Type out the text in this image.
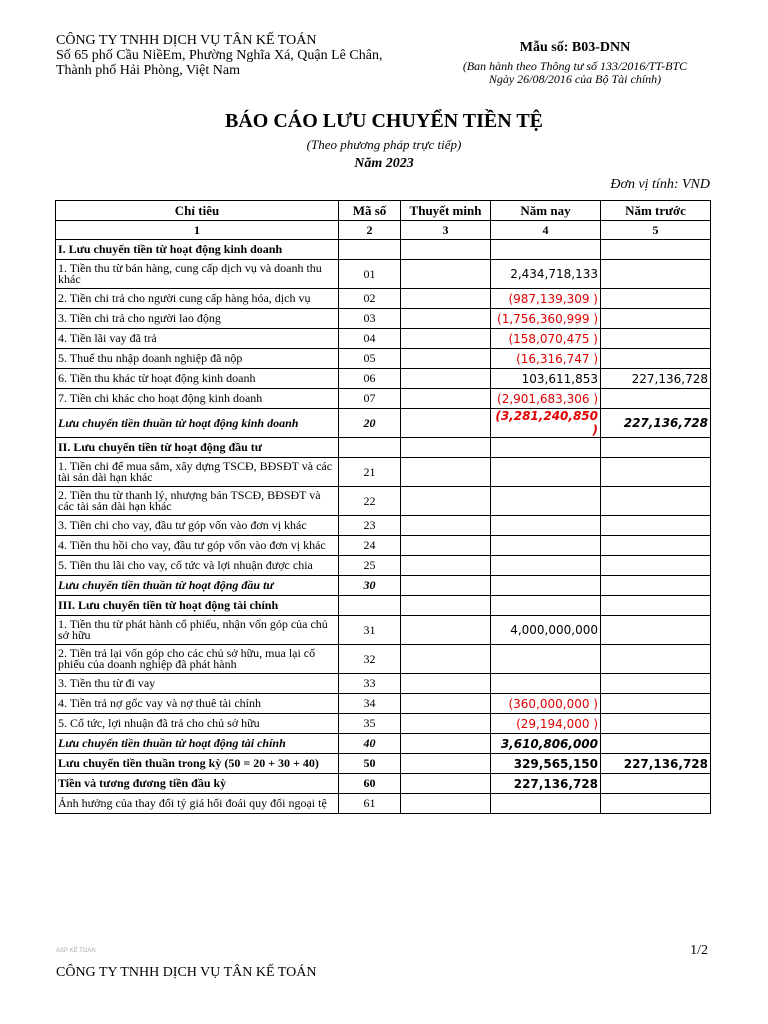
CÔNG TY TNHH DỊCH VỤ TÂN KẾ TOÁN
Số 65 phố Cầu NiềEm, Phường Nghĩa Xá, Quận Lê Chân,
Thành phố Hải Phòng, Việt Nam
Mẫu số: B03-DNN
(Ban hành theo Thông tư số 133/2016/TT-BTC
Ngày 26/08/2016 của Bộ Tài chính)
BÁO CÁO LƯU CHUYỂN TIỀN TỆ
(Theo phương pháp trực tiếp)
Năm 2023
Đơn vị tính: VND
Chỉ tiêu	Mã số	Thuyết minh	Năm nay	Năm trước
1	2	3	4	5
I. Lưu chuyển tiền từ hoạt động kinh doanh				
1. Tiền thu từ bán hàng, cung cấp dịch vụ và doanh thu khác	01		2,434,718,133	
2. Tiền chi trả cho người cung cấp hàng hóa, dịch vụ	02		(987,139,309 )	
3. Tiền chi trả cho người lao động	03		(1,756,360,999 )	
4. Tiền lãi vay đã trả	04		(158,070,475 )	
5. Thuế thu nhập doanh nghiệp đã nộp	05		(16,316,747 )	
6. Tiền thu khác từ hoạt động kinh doanh	06		103,611,853	227,136,728
7. Tiền chi khác cho hoạt động kinh doanh	07		(2,901,683,306 )	
Lưu chuyển tiền thuần từ hoạt động kinh doanh	20		(3,281,240,850 )	227,136,728
II. Lưu chuyển tiền từ hoạt động đầu tư				
1. Tiền chi để mua sắm, xây dựng TSCĐ, BĐSĐT và các tài sản dài hạn khác	21			
2. Tiền thu từ thanh lý, nhượng bán TSCĐ, BĐSĐT và các tài sản dài hạn khác	22			
3. Tiền chi cho vay, đầu tư góp vốn vào đơn vị khác	23			
4. Tiền thu hồi cho vay, đầu tư góp vốn vào đơn vị khác	24			
5. Tiền thu lãi cho vay, cổ tức và lợi nhuận được chia	25			
Lưu chuyển tiền thuần từ hoạt động đầu tư	30			
III. Lưu chuyển tiền từ hoạt động tài chính				
1. Tiền thu từ phát hành cổ phiếu, nhận vốn góp của chủ sở hữu	31		4,000,000,000	
2. Tiền trả lại vốn góp cho các chủ sở hữu, mua lại cổ phiếu của doanh nghiệp đã phát hành	32			
3. Tiền thu từ đi vay	33			
4. Tiền trả nợ gốc vay và nợ thuê tài chính	34		(360,000,000 )	
5. Cổ tức, lợi nhuận đã trả cho chủ sở hữu	35		(29,194,000 )	
Lưu chuyển tiền thuần từ hoạt động tài chính	40		3,610,806,000	
Lưu chuyển tiền thuần trong kỳ (50 = 20 + 30 + 40)	50		329,565,150	227,136,728
Tiền và tương đương tiền đầu kỳ	60		227,136,728	
Ảnh hưởng của thay đổi tỷ giá hối đoái quy đổi ngoại tệ	61			
ASP KẾ TOÁN	1/2
CÔNG TY TNHH DỊCH VỤ TÂN KẾ TOÁN
